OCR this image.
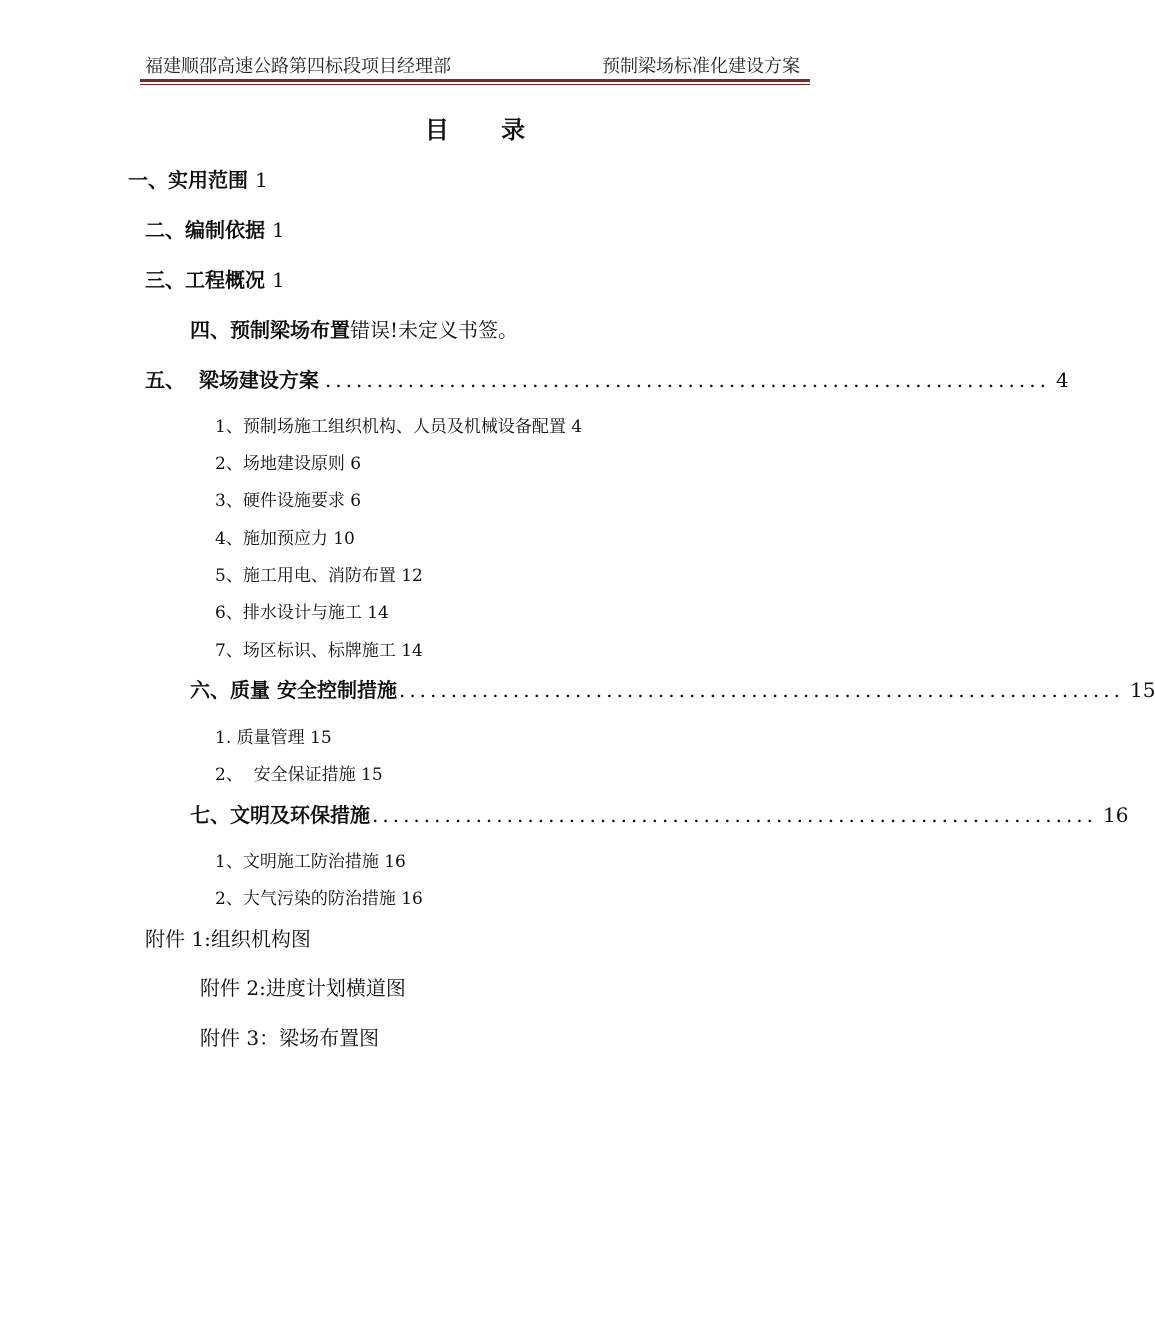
福建顺邵高速公路第四标段项目经理部	预制梁场标准化建设方案
目 录
一、实用范围 1
二、编制依据 1
三、工程概况 1
四、预制梁场布置错误!未定义书签。
五、  梁场建设方案 ...................................................................... 4
1、预制场施工组织机构、人员及机械设备配置 4
2、场地建设原则 6
3、硬件设施要求 6
4、施加预应力 10
5、施工用电、消防布置 12
6、排水设计与施工 14
7、场区标识、标牌施工 14
六、质量 安全控制措施 ...................................................................... 15
1. 质量管理 15
2、  安全保证措施 15
七、文明及环保措施 ...................................................................... 16
1、文明施工防治措施 16
2、大气污染的防治措施 16
附件 1:组织机构图
附件 2:进度计划横道图
附件 3：梁场布置图
